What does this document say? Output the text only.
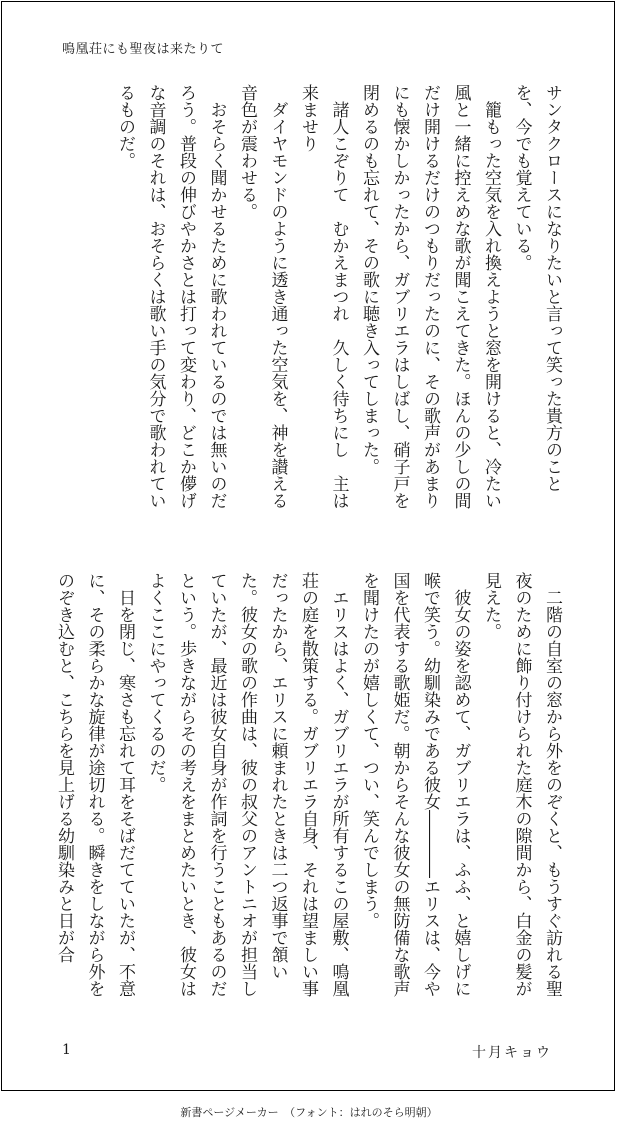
鳴凰荘にも聖夜は来たりて

サンタクロースになりたいと言って笑った貴方のことを、今でも覚えている。

　籠もった空気を入れ換えようと窓を開けると、冷たい風と一緒に控えめな歌が聞こえてきた。ほんの少しの間だけ開けるだけのつもりだったのに、その歌声があまりにも懐かしかったから、ガブリエラはしばし、硝子戸を閉めるのも忘れて、その歌に聴き入ってしまった。

　諸人こぞりて　むかえまつれ　久しく待ちにし　主は来ませり

　ダイヤモンドのように透き通った空気を、神を讃える音色が震わせる。

　おそらく聞かせるために歌われているのでは無いのだろう。普段の伸びやかさとは打って変わり、どこか儚げな音調のそれは、おそらくは歌い手の気分で歌われているものだ。

　二階の自室の窓から外をのぞくと、もうすぐ訪れる聖夜のために飾り付けられた庭木の隙間から、白金の髪が見えた。

　彼女の姿を認めて、ガブリエラは、ふふ、と嬉しげに喉で笑う。幼馴染みである彼女――――エリスは、今や国を代表する歌姫だ。朝からそんな彼女の無防備な歌声を聞けたのが嬉しくて、つい、笑んでしまう。

　エリスはよく、ガブリエラが所有するこの屋敷、鳴凰荘の庭を散策する。ガブリエラ自身、それは望ましい事だったから、エリスに頼まれたときは二つ返事で頷いた。彼女の歌の作曲は、彼の叔父のアントニオが担当していたが、最近は彼女自身が作詞を行うこともあるのだという。歩きながらその考えをまとめたいとき、彼女はよくここにやってくるのだ。

　日を閉じ、寒さも忘れて耳をそばだてていたが、不意に、その柔らかな旋律が途切れる。瞬きをしながら外をのぞき込むと、こちらを見上げる幼馴染みと日が合

1	十月キョウ
新書ページメーカー　（フォント：はれのそら明朝）
